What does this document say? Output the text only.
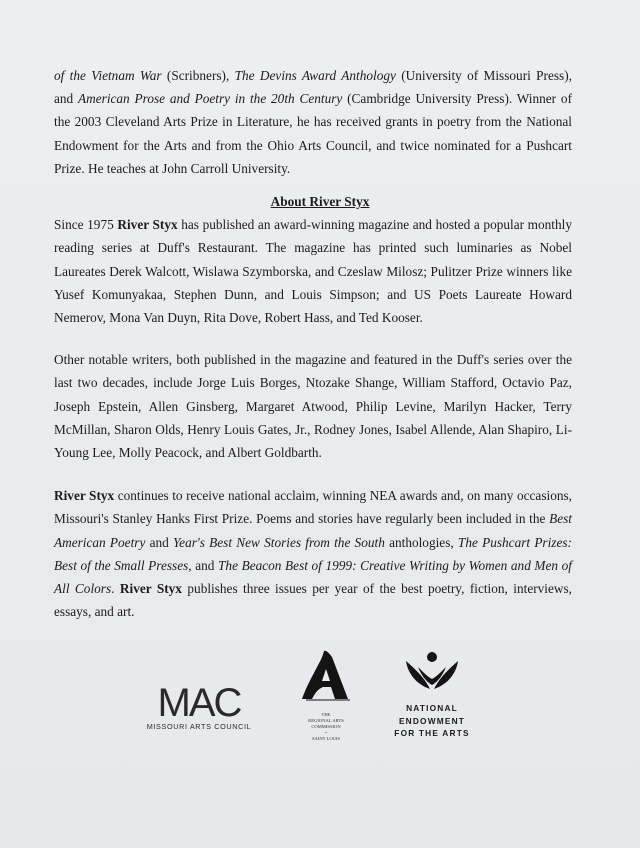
of the Vietnam War (Scribners), The Devins Award Anthology (University of Missouri Press),
and American Prose and Poetry in the 20th Century (Cambridge University Press). Winner of
the 2003 Cleveland Arts Prize in Literature, he has received grants in poetry from the National
Endowment for the Arts and from the Ohio Arts Council, and twice nominated for a Pushcart
Prize. He teaches at John Carroll University.
About River Styx
Since 1975 River Styx has published an award-winning magazine and hosted a popular monthly
reading series at Duff's Restaurant. The magazine has printed such luminaries as Nobel
Laureates Derek Walcott, Wislawa Szymborska, and Czeslaw Milosz; Pulitzer Prize winners like
Yusef Komunyakaa, Stephen Dunn, and Louis Simpson; and US Poets Laureate Howard
Nemerov, Mona Van Duyn, Rita Dove, Robert Hass, and Ted Kooser.
Other notable writers, both published in the magazine and featured in the Duff's series over the
last two decades, include Jorge Luis Borges, Ntozake Shange, William Stafford, Octavio Paz,
Joseph Epstein, Allen Ginsberg, Margaret Atwood, Philip Levine, Marilyn Hacker, Terry
McMillan, Sharon Olds, Henry Louis Gates, Jr., Rodney Jones, Isabel Allende, Alan Shapiro, Li-
Young Lee, Molly Peacock, and Albert Goldbarth.
River Styx continues to receive national acclaim, winning NEA awards and, on many occasions,
Missouri's Stanley Hanks First Prize. Poems and stories have regularly been included in the Best
American Poetry and Year's Best New Stories from the South anthologies, The Pushcart Prizes:
Best of the Small Presses, and The Beacon Best of 1999: Creative Writing by Women and Men of
All Colors. River Styx publishes three issues per year of the best poetry, fiction, interviews,
essays, and art.
MAC
MISSOURI ARTS COUNCIL
THE
REGIONAL ARTS
COMMISSION
•
SAINT LOUIS
NATIONAL
ENDOWMENT
FOR THE ARTS
